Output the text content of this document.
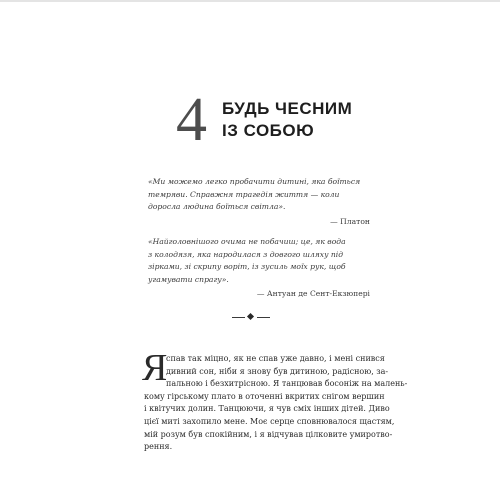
4 БУДЬ ЧЕСНИМ
ІЗ СОБОЮ
«Ми можемо легко пробачити дитині, яка боїться
темряви. Справжня трагедія життя — коли
доросла людина боїться світла».
— Платон
«Найголовнішого очима не побачиш; це, як вода
з колодязя, яка народилася з довгого шляху під
зірками, зі скрипу воріт, із зусиль моїх рук, щоб
угамувати спрагу».
— Антуан де Сент-Екзюпері
Я
спав так міцно, як не спав уже давно, і мені снився
дивний сон, ніби я знову був дитиною, радісною, за-
пальною і безхитрісною. Я танцював босоніж на малень-
кому гірському плато в оточенні вкритих снігом вершин
і квітучих долин. Танцюючи, я чув сміх інших дітей. Диво
цієї миті захопило мене. Моє серце сповнювалося щастям,
мій розум був спокійним, і я відчував цілковите умиротво-
рення.
